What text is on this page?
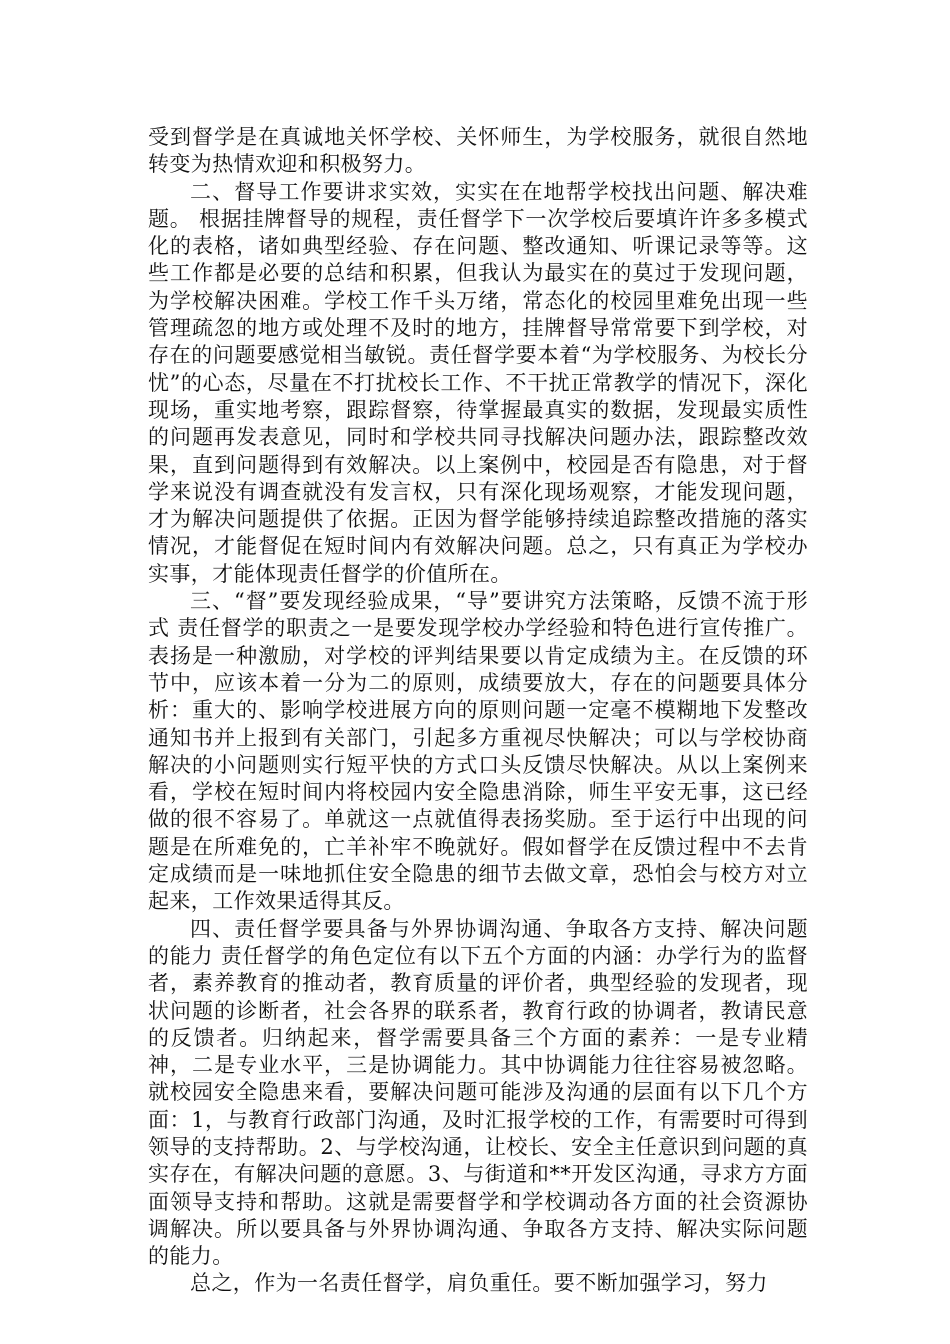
受到督学是在真诚地关怀学校、关怀师生，为学校服务，就很自然地转变为热情欢迎和积极努力。

二、督导工作要讲求实效，实实在在地帮学校找出问题、解决难题。 根据挂牌督导的规程，责任督学下一次学校后要填许许多多模式化的表格，诸如典型经验、存在问题、整改通知、听课记录等等。这些工作都是必要的总结和积累，但我认为最实在的莫过于发现问题，为学校解决困难。学校工作千头万绪，常态化的校园里难免出现一些管理疏忽的地方或处理不及时的地方，挂牌督导常常要下到学校，对存在的问题要感觉相当敏锐。责任督学要本着“为学校服务、为校长分忧”的心态，尽量在不打扰校长工作、不干扰正常教学的情况下，深化现场，重实地考察，跟踪督察，待掌握最真实的数据，发现最实质性的问题再发表意见，同时和学校共同寻找解决问题办法，跟踪整改效果，直到问题得到有效解决。以上案例中，校园是否有隐患，对于督学来说没有调查就没有发言权，只有深化现场观察，才能发现问题，才为解决问题提供了依据。正因为督学能够持续追踪整改措施的落实情况，才能督促在短时间内有效解决问题。总之，只有真正为学校办实事，才能体现责任督学的价值所在。

三、“督”要发现经验成果，“导”要讲究方法策略，反馈不流于形式 责任督学的职责之一是要发现学校办学经验和特色进行宣传推广。表扬是一种激励，对学校的评判结果要以肯定成绩为主。在反馈的环节中，应该本着一分为二的原则，成绩要放大，存在的问题要具体分析：重大的、影响学校进展方向的原则问题一定毫不模糊地下发整改通知书并上报到有关部门，引起多方重视尽快解决；可以与学校协商解决的小问题则实行短平快的方式口头反馈尽快解决。从以上案例来看，学校在短时间内将校园内安全隐患消除，师生平安无事，这已经做的很不容易了。单就这一点就值得表扬奖励。至于运行中出现的问题是在所难免的，亡羊补牢不晚就好。假如督学在反馈过程中不去肯定成绩而是一味地抓住安全隐患的细节去做文章，恐怕会与校方对立起来，工作效果适得其反。

四、责任督学要具备与外界协调沟通、争取各方支持、解决问题的能力 责任督学的角色定位有以下五个方面的内涵：办学行为的监督者，素养教育的推动者，教育质量的评价者，典型经验的发现者，现状问题的诊断者，社会各界的联系者，教育行政的协调者，教请民意的反馈者。归纳起来，督学需要具备三个方面的素养：一是专业精神，二是专业水平，三是协调能力。其中协调能力往往容易被忽略。就校园安全隐患来看，要解决问题可能涉及沟通的层面有以下几个方面：1，与教育行政部门沟通，及时汇报学校的工作，有需要时可得到领导的支持帮助。2、与学校沟通，让校长、安全主任意识到问题的真实存在，有解决问题的意愿。3、与街道和**开发区沟通，寻求方方面面领导支持和帮助。这就是需要督学和学校调动各方面的社会资源协调解决。所以要具备与外界协调沟通、争取各方支持、解决实际问题的能力。

总之，作为一名责任督学，肩负重任。要不断加强学习，努力
